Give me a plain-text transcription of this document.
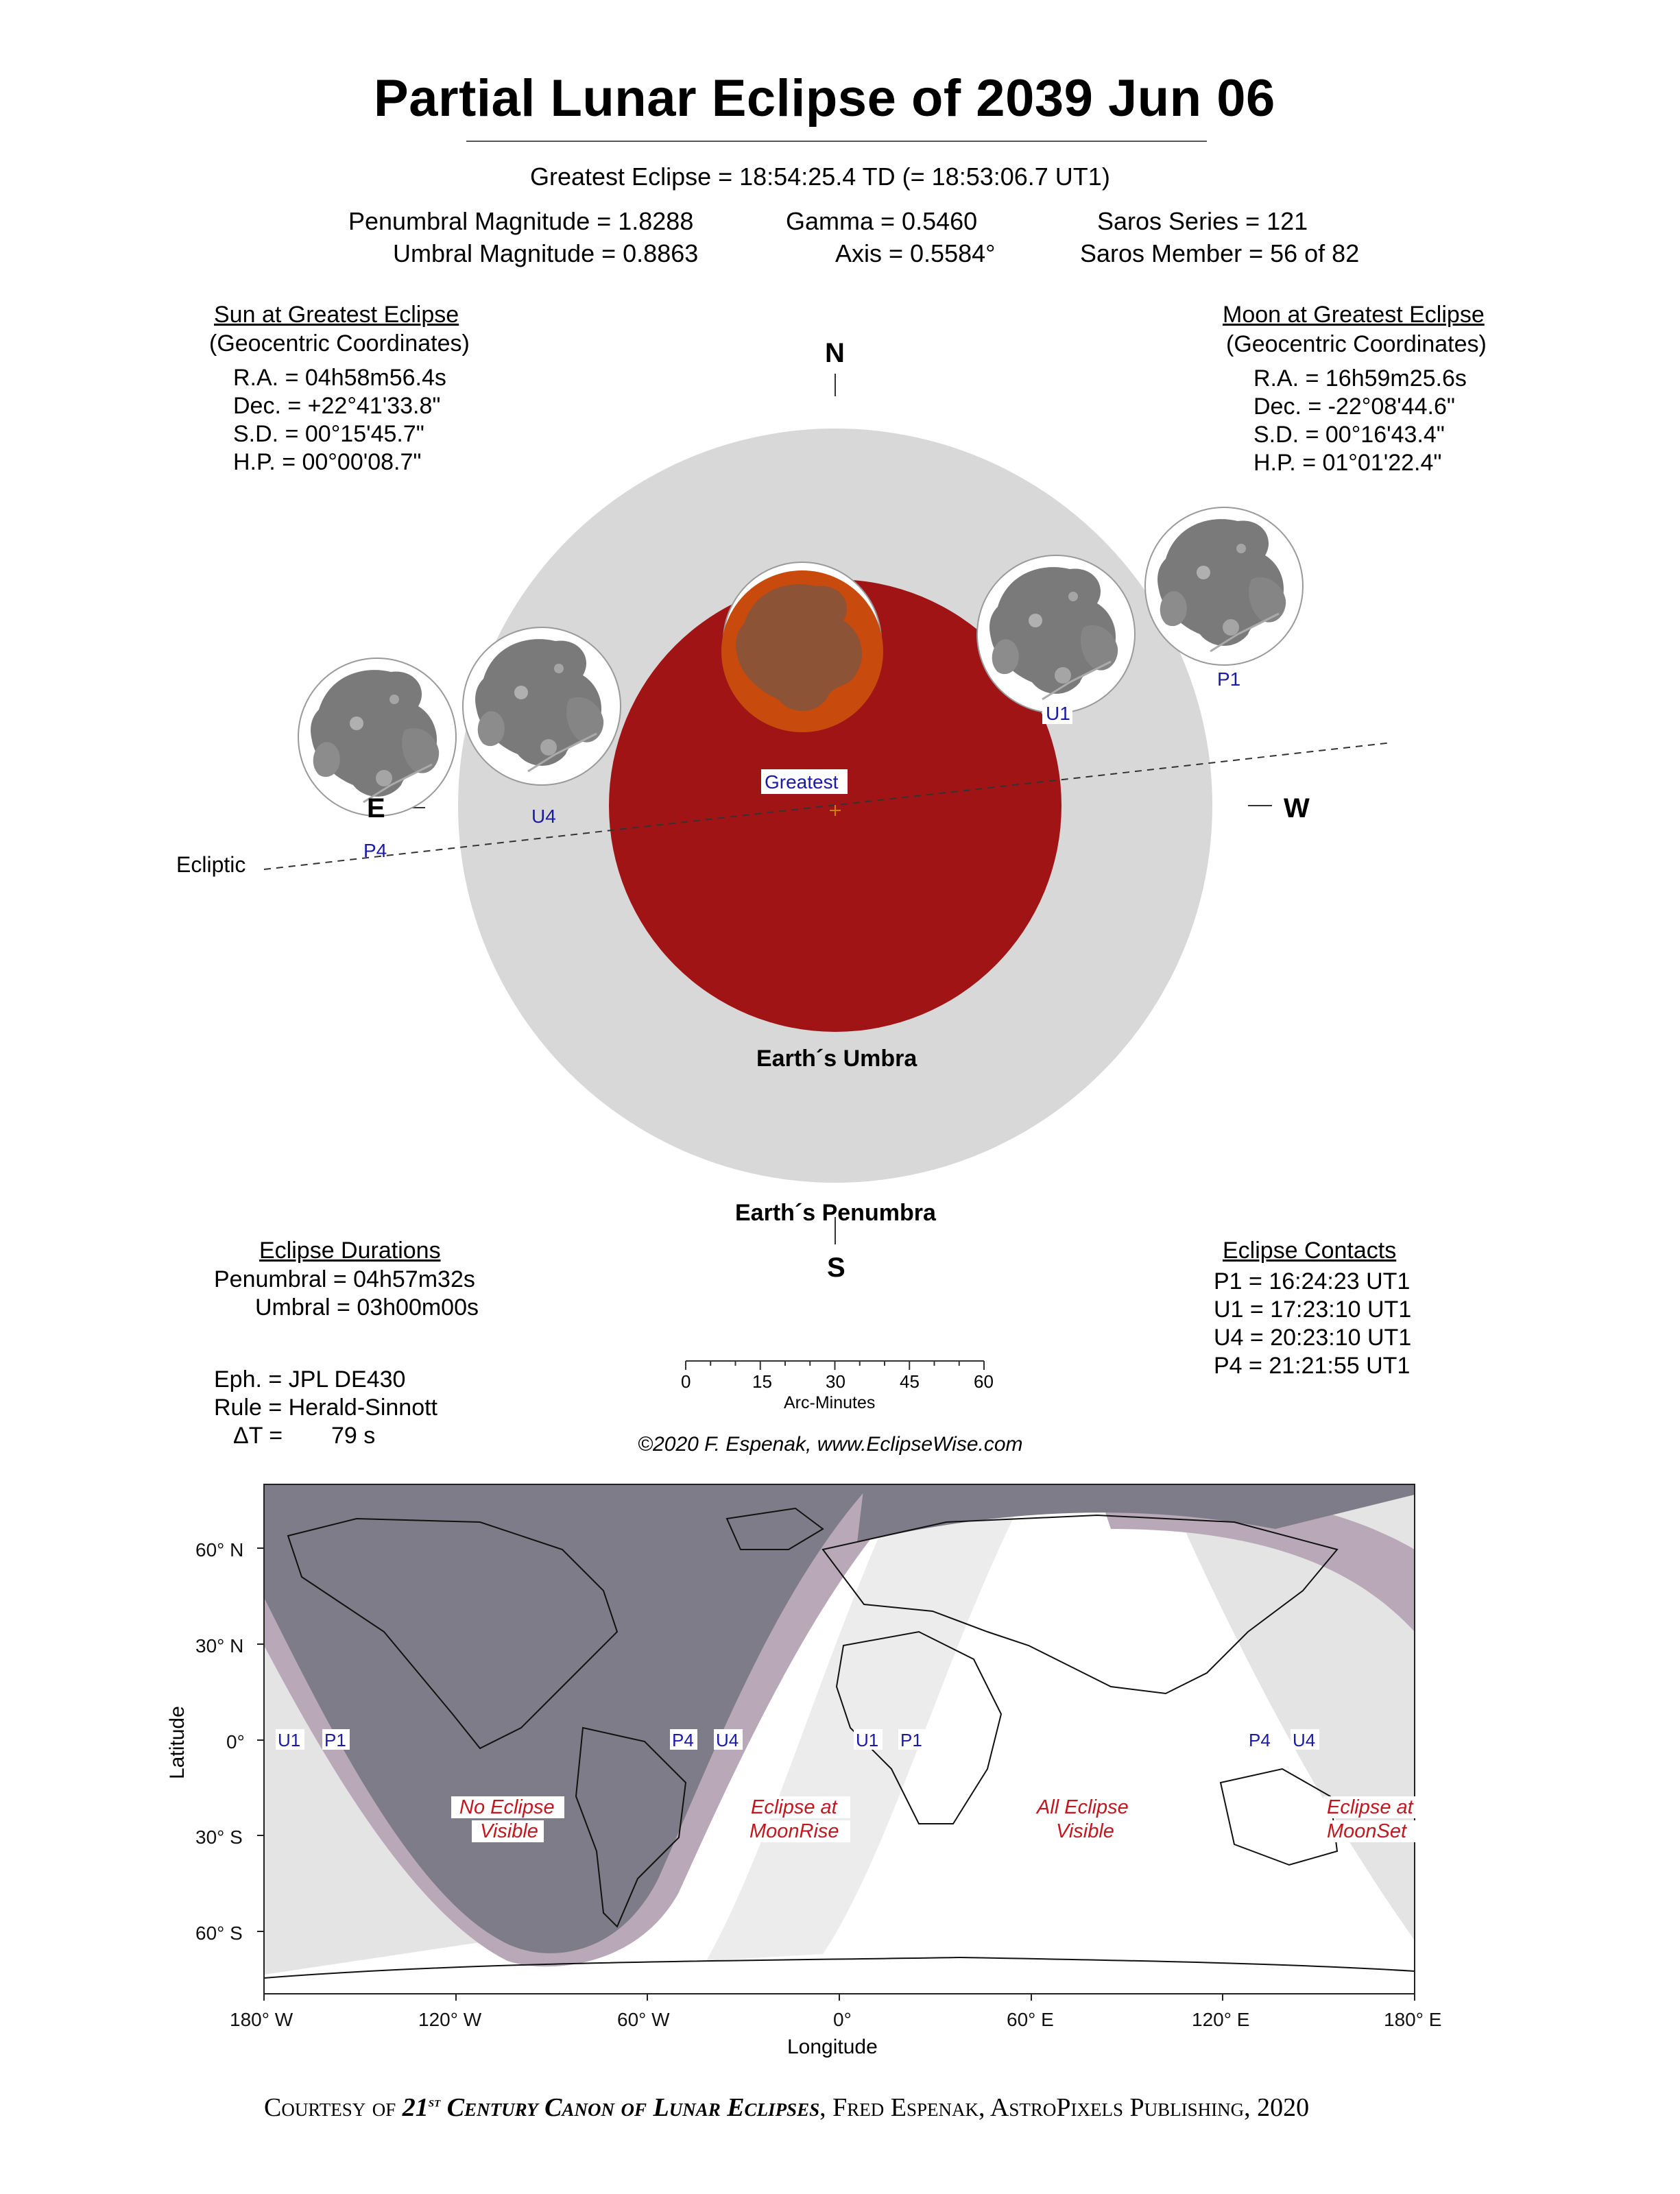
Partial Lunar Eclipse of 2039 Jun 06
Greatest Eclipse = 18:54:25.4 TD (= 18:53:06.7 UT1)
Penumbral Magnitude = 1.8288
Umbral Magnitude = 0.8863
Gamma = 0.5460
Axis = 0.5584°
Saros Series = 121
Saros Member = 56 of 82
Sun at Greatest Eclipse
(Geocentric Coordinates)
R.A. = 04h58m56.4s
Dec. = +22°41'33.8"
S.D. = 00°15'45.7"
H.P. = 00°00'08.7"
Moon at Greatest Eclipse
(Geocentric Coordinates)
R.A. = 16h59m25.6s
Dec. = -22°08'44.6"
S.D. = 00°16'43.4"
H.P. = 01°01'22.4"
P1
U1
U4
P4
Greatest
N
S
E	W
Ecliptic
Earth´s Umbra
Earth´s Penumbra
Eclipse Durations
Penumbral = 04h57m32s
Umbral = 03h00m00s
Eclipse Contacts
P1 = 16:24:23 UT1
U1 = 17:23:10 UT1
U4 = 20:23:10 UT1
P4 = 21:21:55 UT1
Eph. = JPL DE430
Rule = Herald-Sinnott
ΔT = 79 s
0	15	30	45	60
Arc-Minutes
©2020 F. Espenak, www.EclipseWise.com
60° N
30° N
0°
30° S
60° S
180° W	120° W	60° W	0°	60° E	120° E	180° E
Longitude
Latitude	U1 P1	P4 U4	U1 P1	P4 U4
No Eclipse
Visible
Eclipse at
MoonRise
All Eclipse
Visible
Eclipse at
MoonSet
Courtesy of 21st Century Canon of Lunar Eclipses, Fred Espenak, AstroPixels Publishing, 2020
